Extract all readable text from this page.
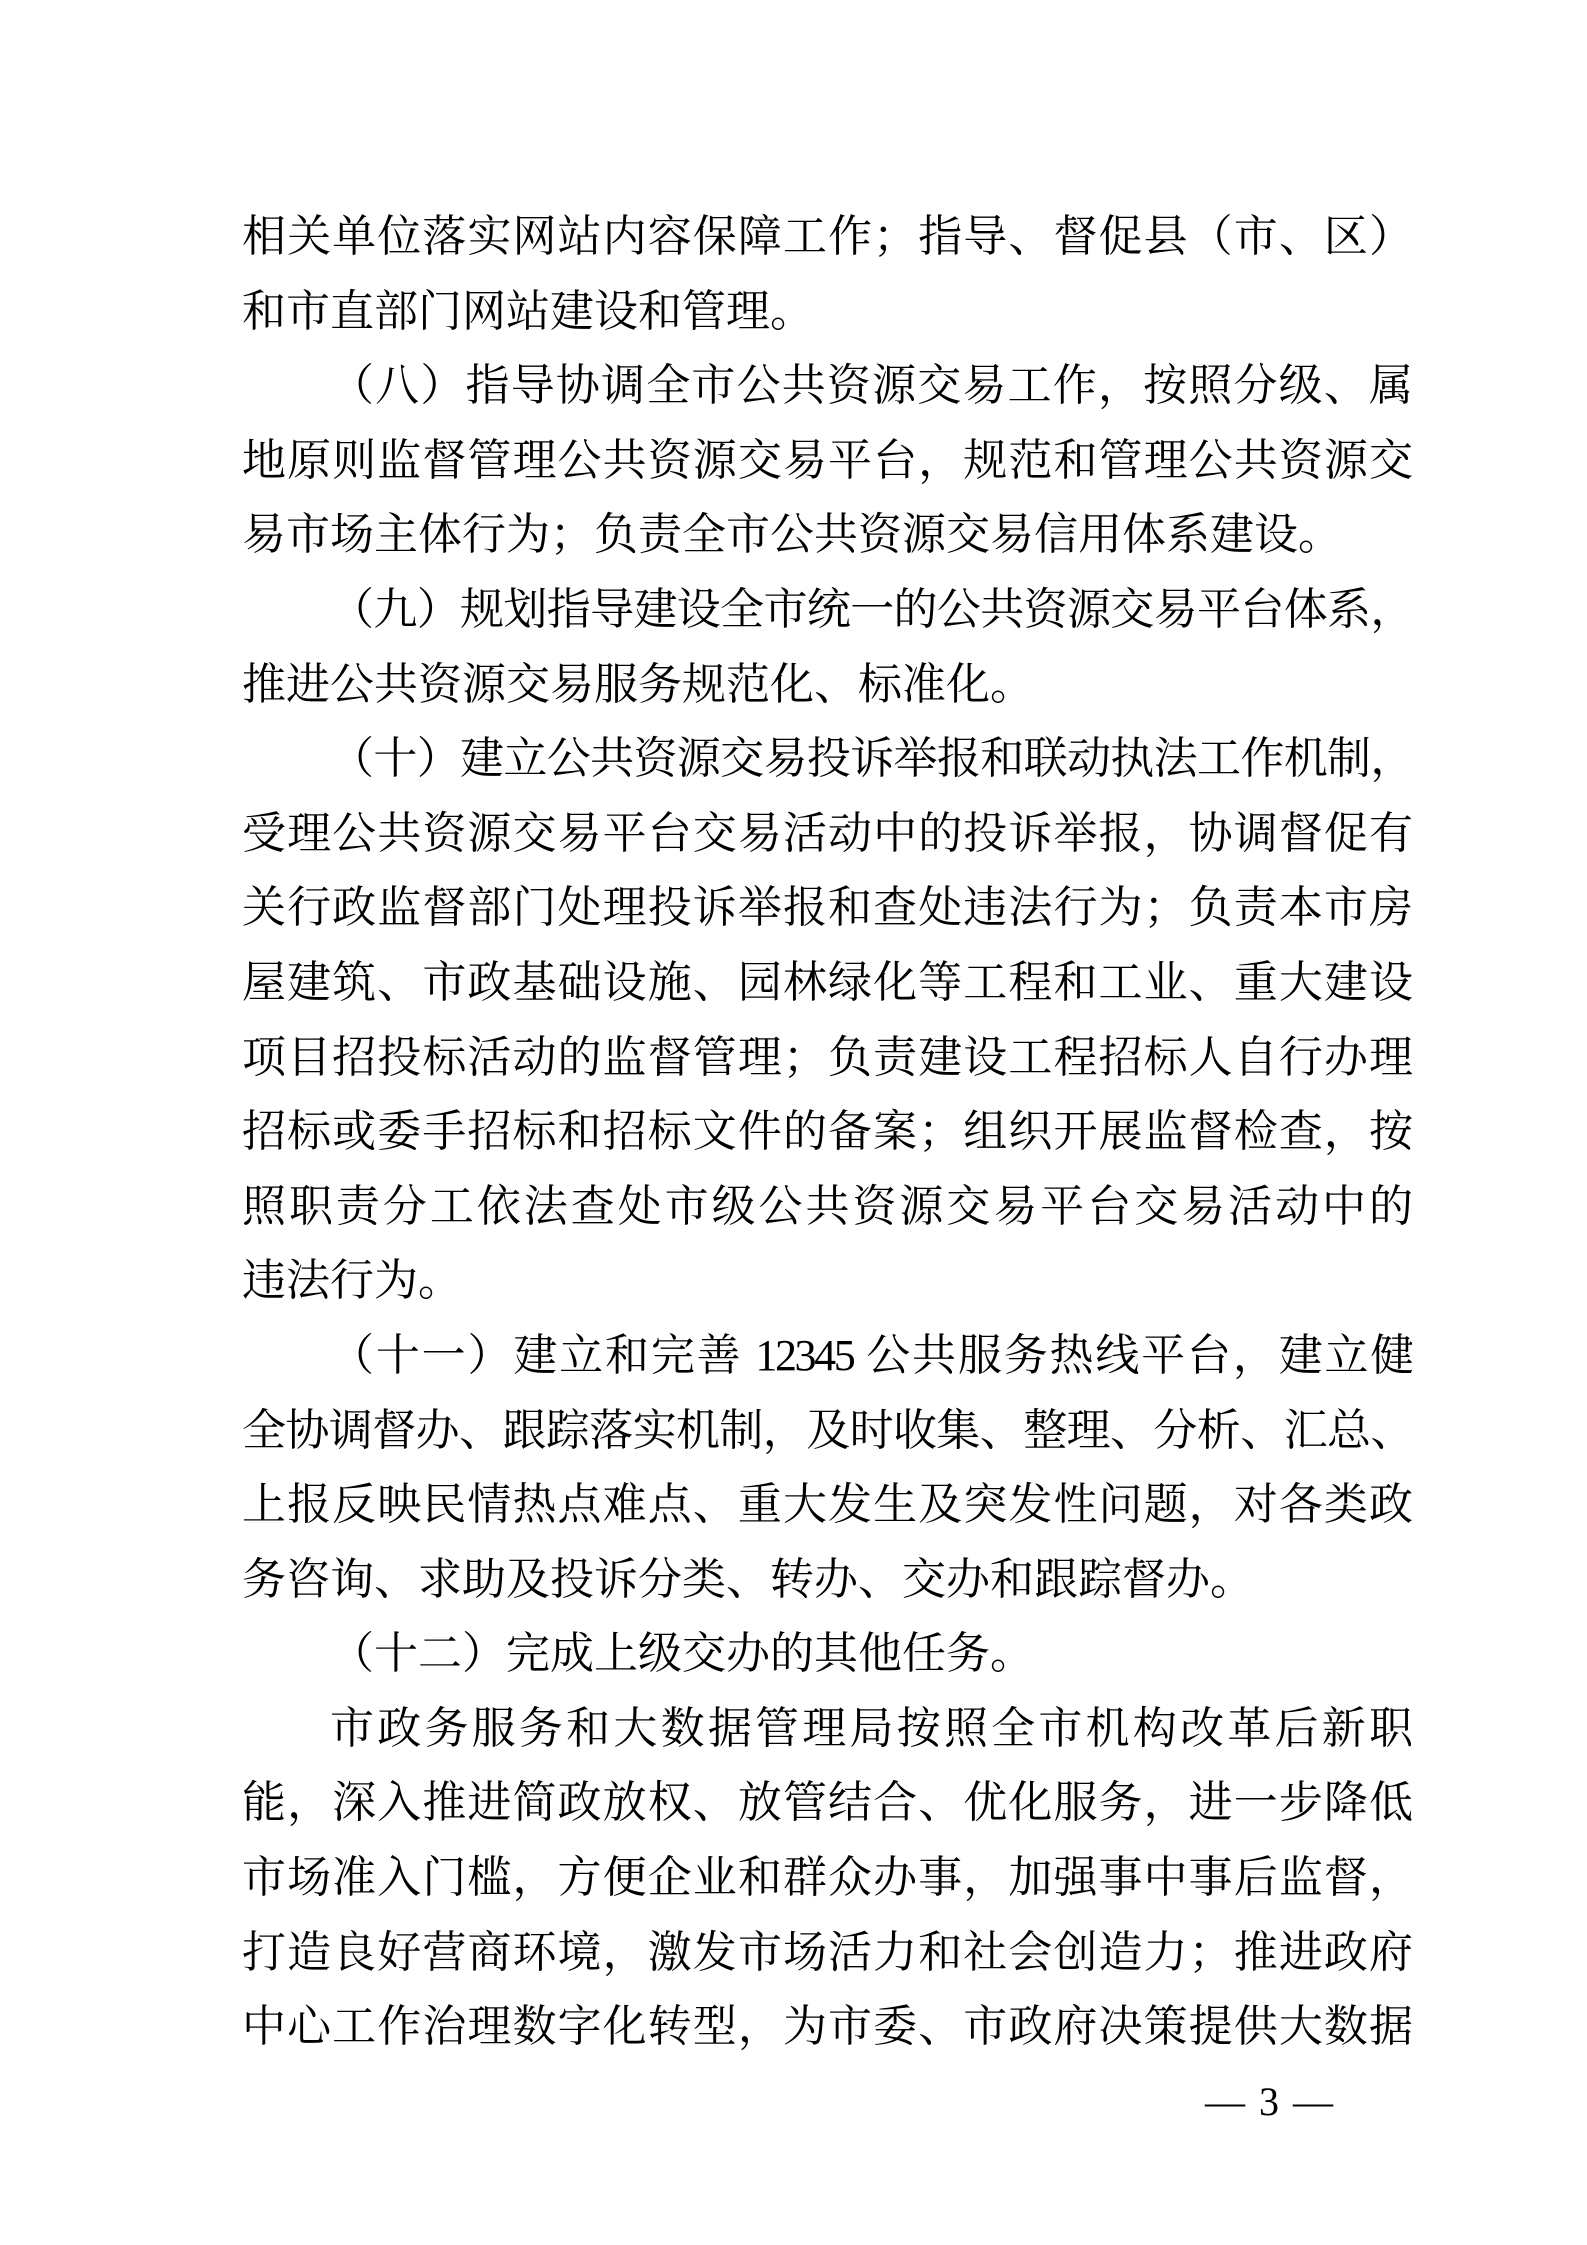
相关单位落实网站内容保障工作；指导、督促县（市、区）
和市直部门网站建设和管理。
（八）指导协调全市公共资源交易工作，按照分级、属
地原则监督管理公共资源交易平台，规范和管理公共资源交
易市场主体行为；负责全市公共资源交易信用体系建设。
（九）规划指导建设全市统一的公共资源交易平台体系，
推进公共资源交易服务规范化、标准化。
（十）建立公共资源交易投诉举报和联动执法工作机制，
受理公共资源交易平台交易活动中的投诉举报，协调督促有
关行政监督部门处理投诉举报和查处违法行为；负责本市房
屋建筑、市政基础设施、园林绿化等工程和工业、重大建设
项目招投标活动的监督管理；负责建设工程招标人自行办理
招标或委手招标和招标文件的备案；组织开展监督检查，按
照职责分工依法查处市级公共资源交易平台交易活动中的
违法行为。
（十一）建立和完善 12345 公共服务热线平台，建立健
全协调督办、跟踪落实机制，及时收集、整理、分析、汇总、
上报反映民情热点难点、重大发生及突发性问题，对各类政
务咨询、求助及投诉分类、转办、交办和跟踪督办。
（十二）完成上级交办的其他任务。
市政务服务和大数据管理局按照全市机构改革后新职
能，深入推进简政放权、放管结合、优化服务，进一步降低
市场准入门槛，方便企业和群众办事，加强事中事后监督，
打造良好营商环境，激发市场活力和社会创造力；推进政府
中心工作治理数字化转型，为市委、市政府决策提供大数据
— 3 —
